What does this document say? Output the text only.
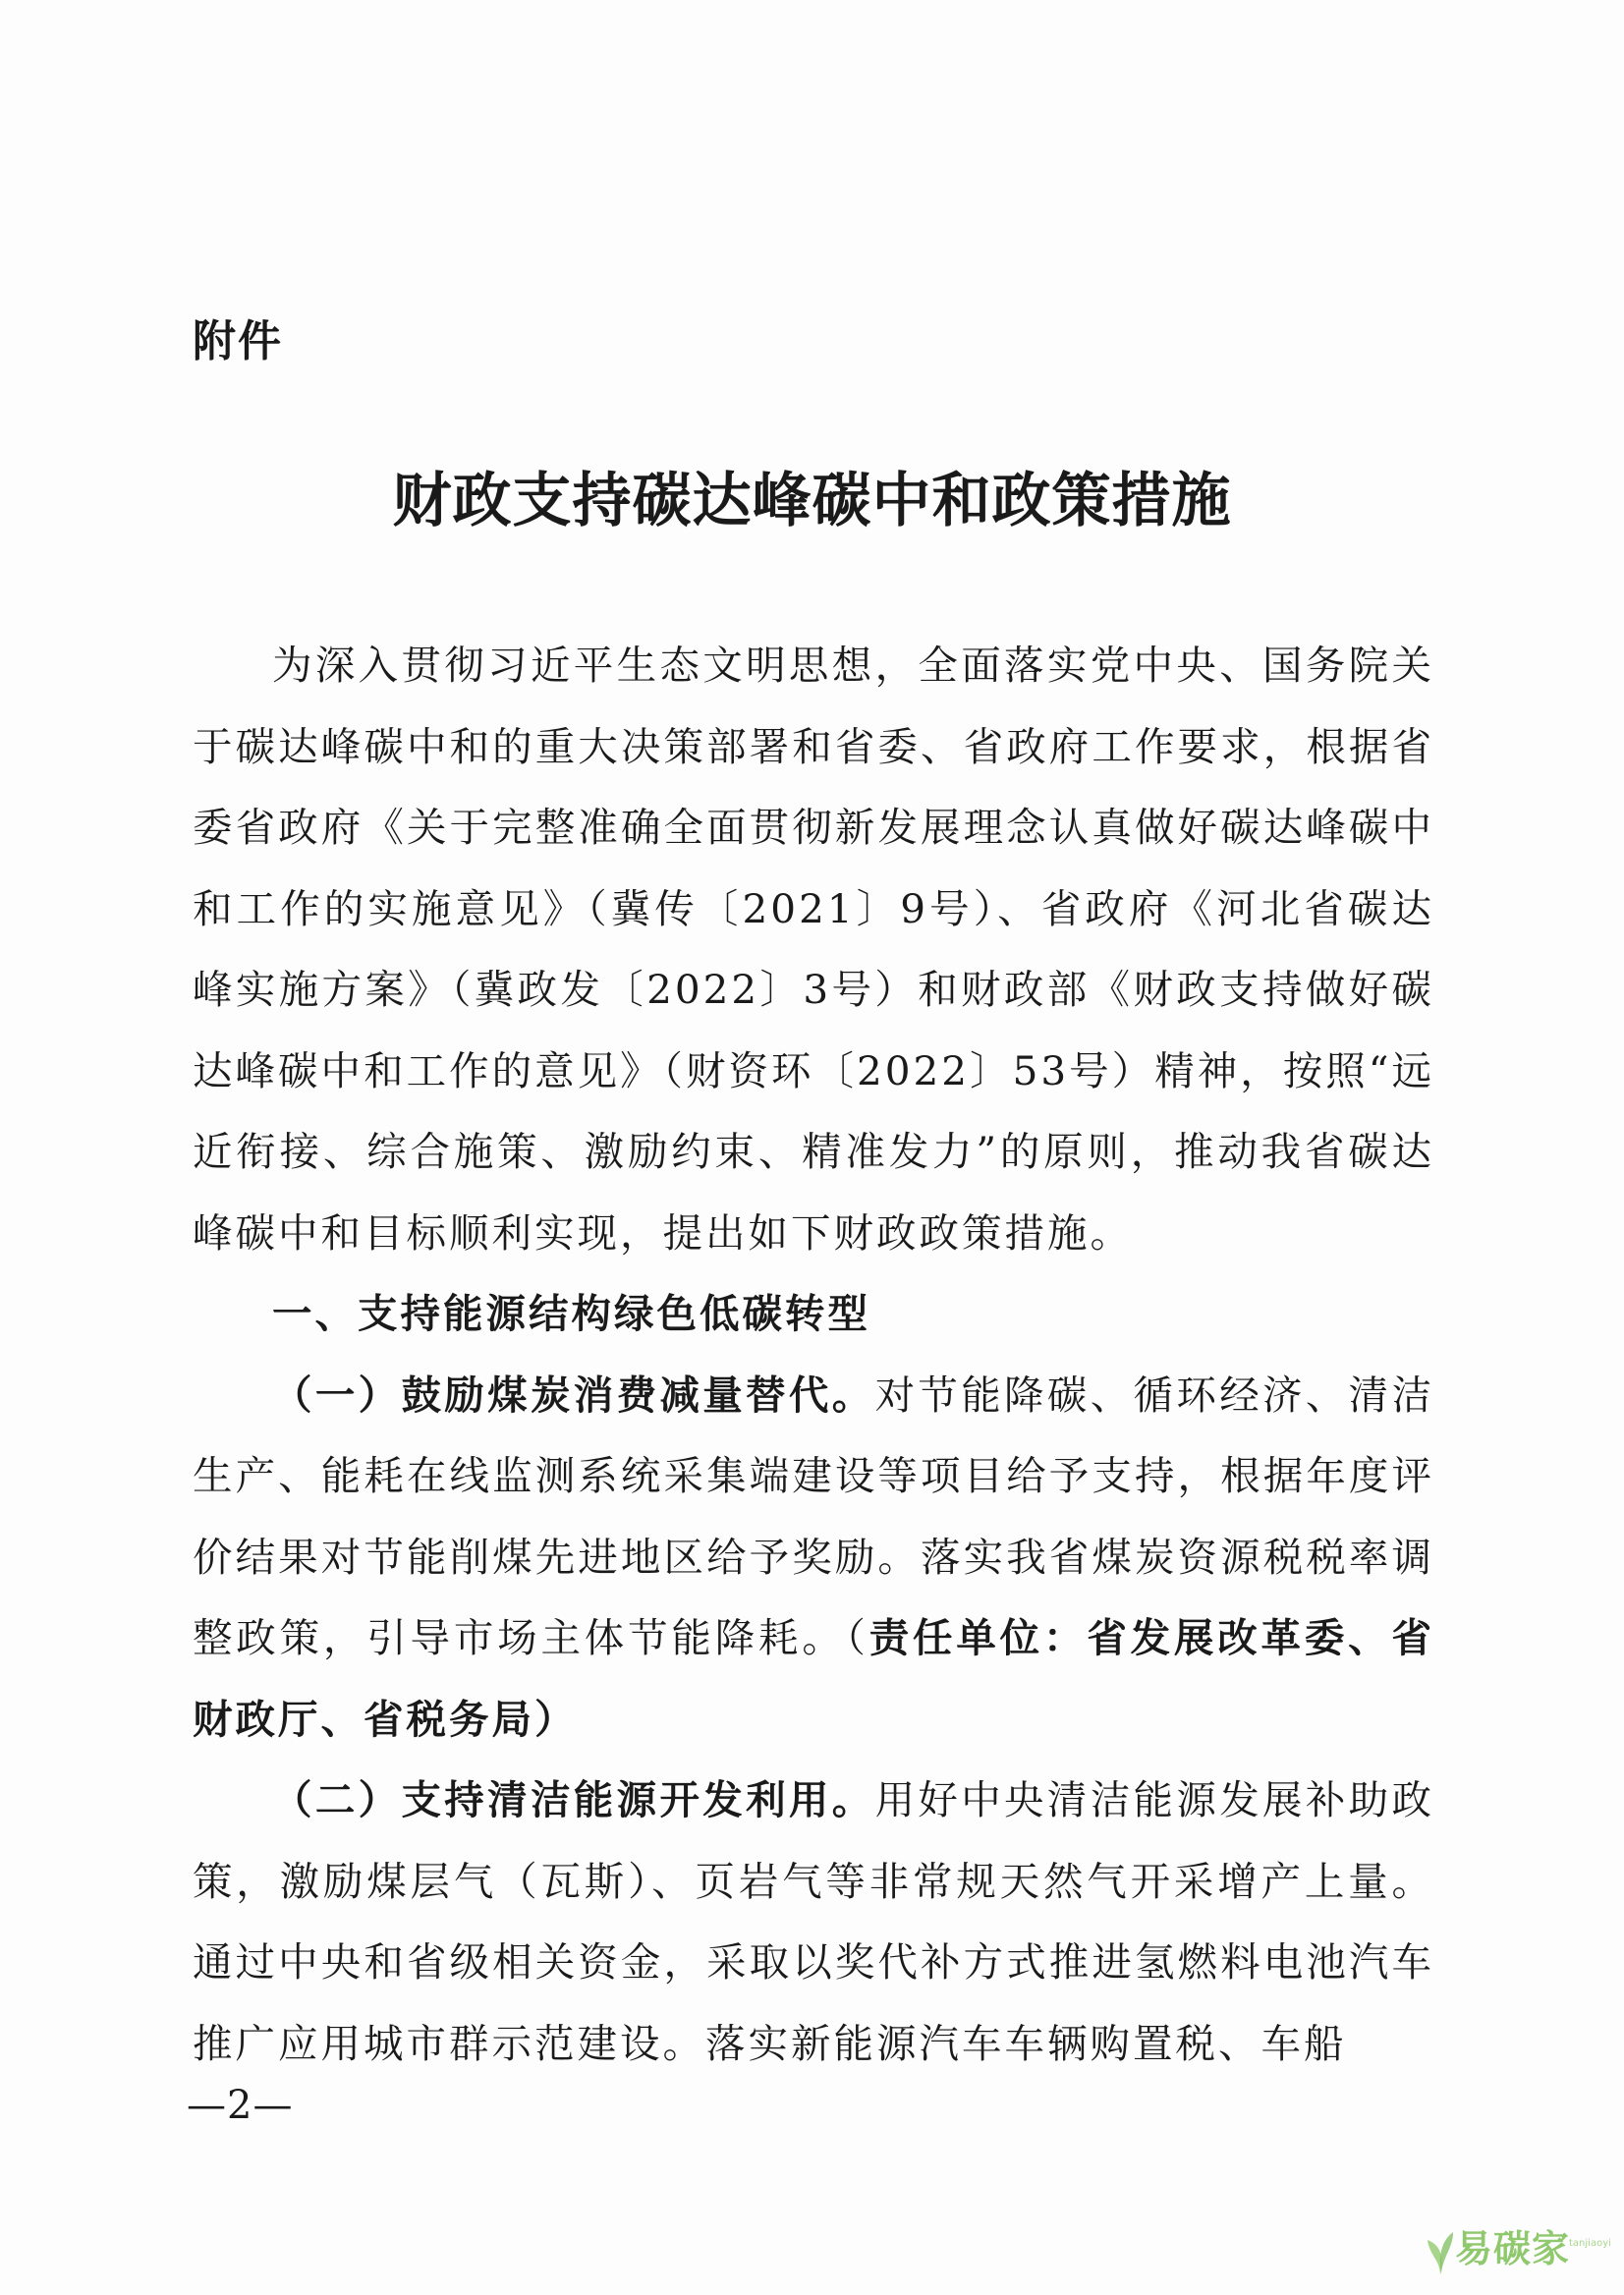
附件
财政支持碳达峰碳中和政策措施

为深入贯彻习近平生态文明思想，全面落实党中央、国务院关于碳达峰碳中和的重大决策部署和省委、省政府工作要求，根据省委省政府《关于完整准确全面贯彻新发展理念认真做好碳达峰碳中和工作的实施意见》（冀传〔2021〕9号）、省政府《河北省碳达峰实施方案》（冀政发〔2022〕3号）和财政部《财政支持做好碳达峰碳中和工作的意见》（财资环〔2022〕53号）精神，按照“远近衔接、综合施策、激励约束、精准发力”的原则，推动我省碳达峰碳中和目标顺利实现，提出如下财政政策措施。

一、支持能源结构绿色低碳转型

（一）鼓励煤炭消费减量替代。对节能降碳、循环经济、清洁生产、能耗在线监测系统采集端建设等项目给予支持，根据年度评价结果对节能削煤先进地区给予奖励。落实我省煤炭资源税税率调整政策，引导市场主体节能降耗。（责任单位：省发展改革委、省财政厅、省税务局）

（二）支持清洁能源开发利用。用好中央清洁能源发展补助政策，激励煤层气（瓦斯）、页岩气等非常规天然气开采增产上量。通过中央和省级相关资金，采取以奖代补方式推进氢燃料电池汽车推广应用城市群示范建设。落实新能源汽车车辆购置税、车船

—2—
易碳家
tanjiaoyi
